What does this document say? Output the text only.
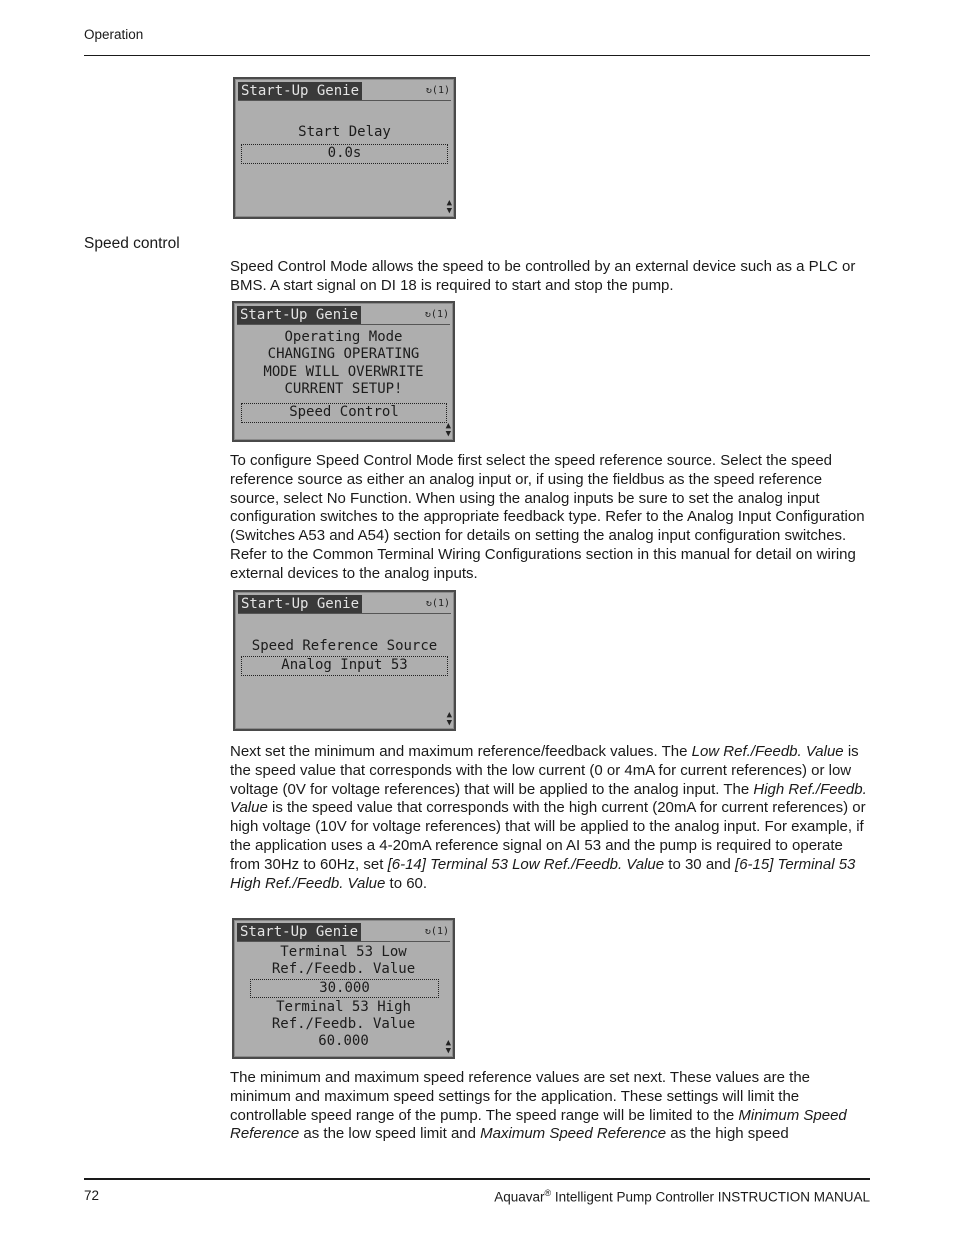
Operation
Start-Up Genie	↻(1)
Start Delay
0.0s
▲
▼
Speed control

Speed Control Mode allows the speed to be controlled by an external device such as a PLC or BMS. A start signal on DI 18 is required to start and stop the pump.

Start-Up Genie	↻(1)
Operating Mode
CHANGING OPERATING
MODE WILL OVERWRITE
CURRENT SETUP!
Speed Control
▲
▼

To configure Speed Control Mode first select the speed reference source. Select the speed reference source as either an analog input or, if using the fieldbus as the speed reference source, select No Function. When using the analog inputs be sure to set the analog input configuration switches to the appropriate feedback type. Refer to the Analog Input Configuration (Switches A53 and A54) section for details on setting the analog input configuration switches. Refer to the Common Terminal Wiring Configurations section in this manual for detail on wiring external devices to the analog inputs.

Start-Up Genie	↻(1)
Speed Reference Source
Analog Input 53
▲
▼

Next set the minimum and maximum reference/feedback values. The Low Ref./Feedb. Value is the speed value that corresponds with the low current (0 or 4mA for current references) or low voltage (0V for voltage references) that will be applied to the analog input. The High Ref./Feedb. Value is the speed value that corresponds with the high current (20mA for current references) or high voltage (10V for voltage references) that will be applied to the analog input. For example, if the application uses a 4-20mA reference signal on AI 53 and the pump is required to operate from 30Hz to 60Hz, set [6-14] Terminal 53 Low Ref./Feedb. Value to 30 and [6-15] Terminal 53 High Ref./Feedb. Value to 60.

Start-Up Genie	↻(1)
Terminal 53 Low
Ref./Feedb. Value
30.000
Terminal 53 High
Ref./Feedb. Value
60.000	▲
▼

The minimum and maximum speed reference values are set next. These values are the minimum and maximum speed settings for the application. These settings will limit the controllable speed range of the pump. The speed range will be limited to the Minimum Speed Reference as the low speed limit and Maximum Speed Reference as the high speed

72	Aquavar® Intelligent Pump Controller INSTRUCTION MANUAL
